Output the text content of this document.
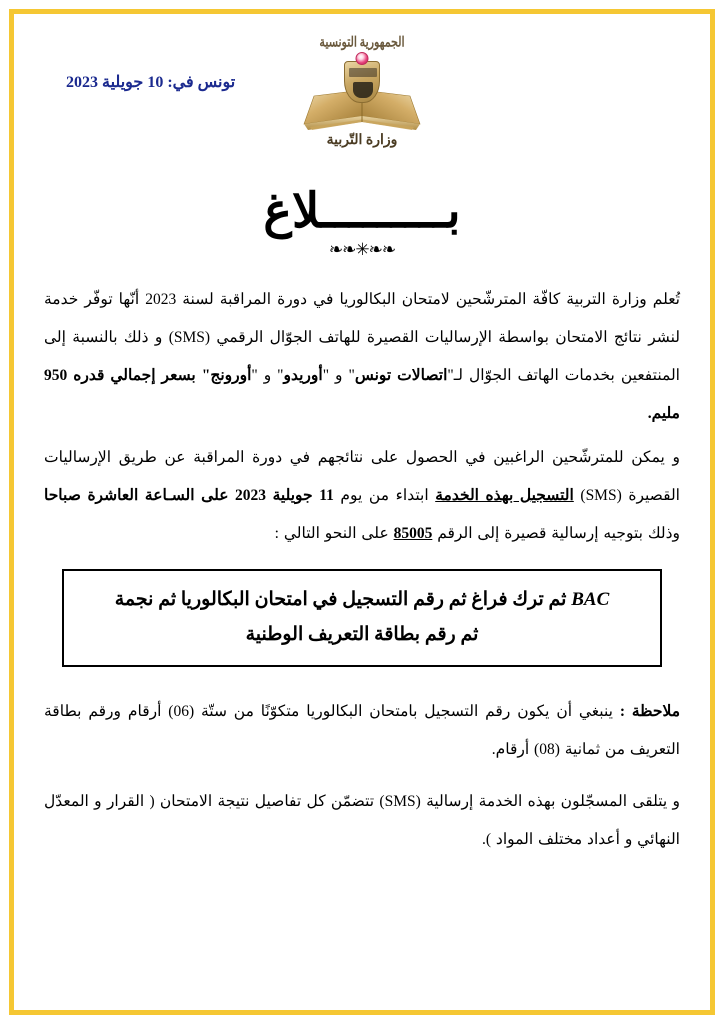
تونس في: 10 جويلية 2023
الجمهورية التونسية
وزارة التّربية
بـــــــــلاغ
❧❧✳❧❧

تُعلم وزارة التربية كافّة المترشّحين لامتحان البكالوريا في دورة المراقبة لسنة 2023 أنّها توفّر خدمة لنشر نتائج الامتحان بواسطة الإرساليات القصيرة للهاتف الجوّال الرقمي (SMS) و ذلك بالنسبة إلى المنتفعين بخدمات الهاتف الجوّال لـ"اتصالات تونس" و "أوريدو" و "أورونج" بسعر إجمالي قدره 950 مليم.

و يمكن للمترشّحين الراغبين في الحصول على نتائجهم في دورة المراقبة عن طريق الإرساليات القصيرة (SMS) التسجيل بهذه الخدمة ابتداء من يوم 11 جويلية 2023 على السـاعة العاشرة صباحا وذلك بتوجيه إرسالية قصيرة إلى الرقم 85005 على النحو التالي :

BAC ثم ترك فراغ ثم رقم التسجيل في امتحان البكالوريا ثم نجمة
ثم رقم بطاقة التعريف الوطنية

ملاحظة : ينبغي أن يكون رقم التسجيل بامتحان البكالوريا متكوّنًا من ستّة (06) أرقام ورقم بطاقة التعريف من ثمانية (08) أرقام.

و يتلقى المسجّلون بهذه الخدمة إرسالية (SMS) تتضمّن كل تفاصيل نتيجة الامتحان ( القرار و المعدّل النهائي و أعداد مختلف المواد ).
